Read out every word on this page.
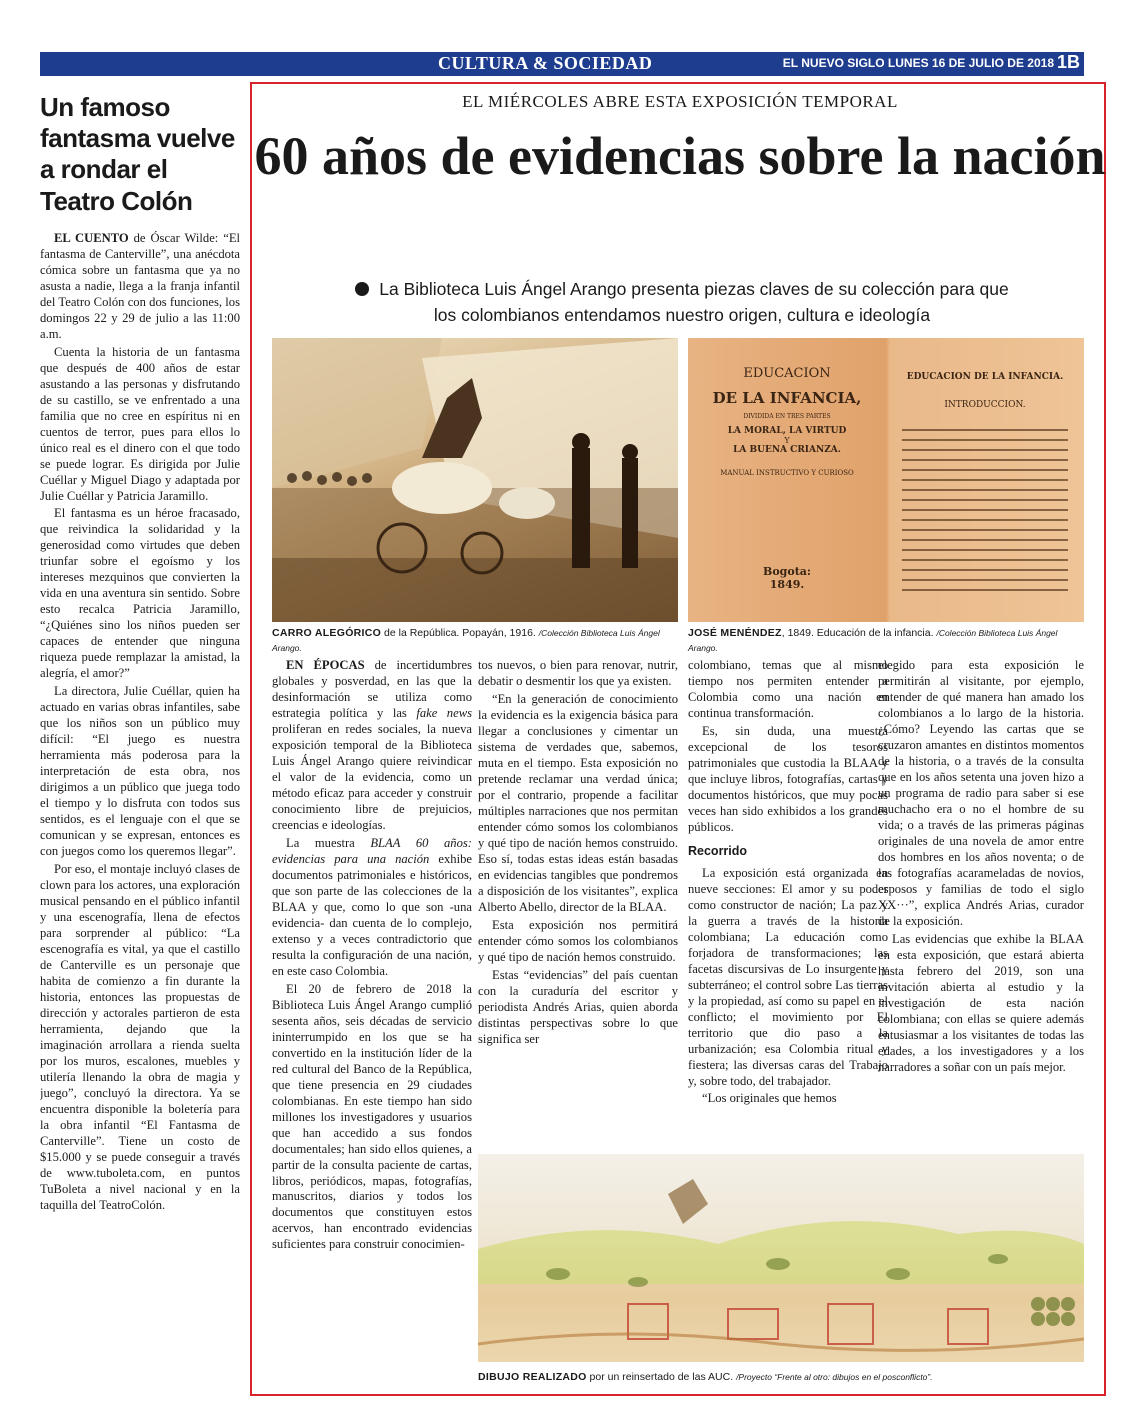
CULTURA & SOCIEDAD	EL NUEVO SIGLO LUNES 16 DE JULIO DE 2018 1B
Un famoso fantasma vuelve a rondar el Teatro Colón

EL CUENTO de Óscar Wilde: “El fantasma de Canterville”, una anécdota cómica sobre un fantasma que ya no asusta a nadie, llega a la franja infantil del Teatro Colón con dos funciones, los domingos 22 y 29 de julio a las 11:00 a.m.

Cuenta la historia de un fantasma que después de 400 años de estar asustando a las personas y disfrutando de su castillo, se ve enfrentado a una familia que no cree en espíritus ni en cuentos de terror, pues para ellos lo único real es el dinero con el que todo se puede lograr. Es dirigida por Julie Cuéllar y Miguel Diago y adaptada por Julie Cuéllar y Patricia Jaramillo.

El fantasma es un héroe fracasado, que reivindica la solidaridad y la generosidad como virtudes que deben triunfar sobre el egoísmo y los intereses mezquinos que convierten la vida en una aventura sin sentido. Sobre esto recalca Patricia Jaramillo, “¿Quiénes sino los niños pueden ser capaces de entender que ninguna riqueza puede remplazar la amistad, la alegría, el amor?”

La directora, Julie Cuéllar, quien ha actuado en varias obras infantiles, sabe que los niños son un público muy difícil: “El juego es nuestra herramienta más poderosa para la interpretación de esta obra, nos dirigimos a un público que juega todo el tiempo y lo disfruta con todos sus sentidos, es el lenguaje con el que se comunican y se expresan, entonces es con juegos como los queremos llegar”.

Por eso, el montaje incluyó clases de clown para los actores, una exploración musical pensando en el público infantil y una escenografía, llena de efectos para sorprender al público: “La escenografía es vital, ya que el castillo de Canterville es un personaje que habita de comienzo a fin durante la historia, entonces las propuestas de dirección y actorales partieron de esta herramienta, dejando que la imaginación arrollara a rienda suelta por los muros, escalones, muebles y utilería llenando la obra de magia y juego”, concluyó la directora. Ya se encuentra disponible la boletería para la obra infantil “El Fantasma de Canterville”. Tiene un costo de $15.000 y se puede conseguir a través de www.tuboleta.com, en puntos TuBoleta a nivel nacional y en la taquilla del TeatroColón.

EL MIÉRCOLES ABRE ESTA EXPOSICIÓN TEMPORAL
60 años de evidencias sobre la nación
La Biblioteca Luis Ángel Arango presenta piezas claves de su colección para que los colombianos entendamos nuestro origen, cultura e ideología
CARRO ALEGÓRICO de la República. Popayán, 1916. /Colección Biblioteca Luis Ángel Arango.
EDUCACION
DE LA INFANCIA,
DIVIDIDA EN TRES PARTES
LA MORAL, LA VIRTUD
Y
LA BUENA CRIANZA.
MANUAL INSTRUCTIVO Y CURIOSO
Bogota:
1849.
EDUCACION DE LA INFANCIA.
INTRODUCCION.
JOSÉ MENÉNDEZ, 1849. Educación de la infancia. /Colección Biblioteca Luis Ángel Arango.

EN ÉPOCAS de incertidumbres globales y posverdad, en las que la desinformación se utiliza como estrategia política y las fake news proliferan en redes sociales, la nueva exposición temporal de la Biblioteca Luis Ángel Arango quiere reivindicar el valor de la evidencia, como un método eficaz para acceder y construir conocimiento libre de prejuicios, creencias e ideologías.

La muestra BLAA 60 años: evidencias para una nación exhibe documentos patrimoniales e históricos, que son parte de las colecciones de la BLAA y que, como lo que son -una evidencia- dan cuenta de lo complejo, extenso y a veces contradictorio que resulta la configuración de una nación, en este caso Colombia.

El 20 de febrero de 2018 la Biblioteca Luis Ángel Arango cumplió sesenta años, seis décadas de servicio ininterrumpido en los que se ha convertido en la institución líder de la red cultural del Banco de la República, que tiene presencia en 29 ciudades colombianas. En este tiempo han sido millones los investigadores y usuarios que han accedido a sus fondos documentales; han sido ellos quienes, a partir de la consulta paciente de cartas, libros, periódicos, mapas, fotografías, manuscritos, diarios y todos los documentos que constituyen estos acervos, han encontrado evidencias suficientes para construir conocimien-

tos nuevos, o bien para renovar, nutrir, debatir o desmentir los que ya existen.

“En la generación de conocimiento la evidencia es la exigencia básica para llegar a conclusiones y cimentar un sistema de verdades que, sabemos, muta en el tiempo. Esta exposición no pretende reclamar una verdad única; por el contrario, propende a facilitar múltiples narraciones que nos permitan entender cómo somos los colombianos y qué tipo de nación hemos construido. Eso sí, todas estas ideas están basadas en evidencias tangibles que pondremos a disposición de los visitantes”, explica Alberto Abello, director de la BLAA.

Esta exposición nos permitirá entender cómo somos los colombianos y qué tipo de nación hemos construido.

Estas “evidencias” del país cuentan con la curaduría del escritor y periodista Andrés Arias, quien aborda distintas perspectivas sobre lo que significa ser

colombiano, temas que al mismo tiempo nos permiten entender a Colombia como una nación en continua transformación.

Es, sin duda, una muestra excepcional de los tesoros patrimoniales que custodia la BLAA y que incluye libros, fotografías, cartas y documentos históricos, que muy pocas veces han sido exhibidos a los grandes públicos.

Recorrido

La exposición está organizada en nueve secciones: El amor y su poder como constructor de nación; La paz y la guerra a través de la historia colombiana; La educación como forjadora de transformaciones; las facetas discursivas de Lo insurgente y subterráneo; el control sobre Las tierras y la propiedad, así como su papel en el conflicto; el movimiento por El territorio que dio paso a la urbanización; esa Colombia ritual y fiestera; las diversas caras del Trabajo y, sobre todo, del trabajador.

“Los originales que hemos

elegido para esta exposición le permitirán al visitante, por ejemplo, entender de qué manera han amado los colombianos a lo largo de la historia. ¿Cómo? Leyendo las cartas que se cruzaron amantes en distintos momentos de la historia, o a través de la consulta que en los años setenta una joven hizo a un programa de radio para saber si ese muchacho era o no el hombre de su vida; o a través de las primeras páginas originales de una novela de amor entre dos hombres en los años noventa; o de las fotografías acarameladas de novios, esposos y familias de todo el siglo XX···”, explica Andrés Arias, curador de la exposición.

Las evidencias que exhibe la BLAA en esta exposición, que estará abierta hasta febrero del 2019, son una invitación abierta al estudio y la investigación de esta nación colombiana; con ellas se quiere además entusiasmar a los visitantes de todas las edades, a los investigadores y a los narradores a soñar con un país mejor.

DIBUJO REALIZADO por un reinsertado de las AUC. /Proyecto “Frente al otro: dibujos en el posconflicto”.
